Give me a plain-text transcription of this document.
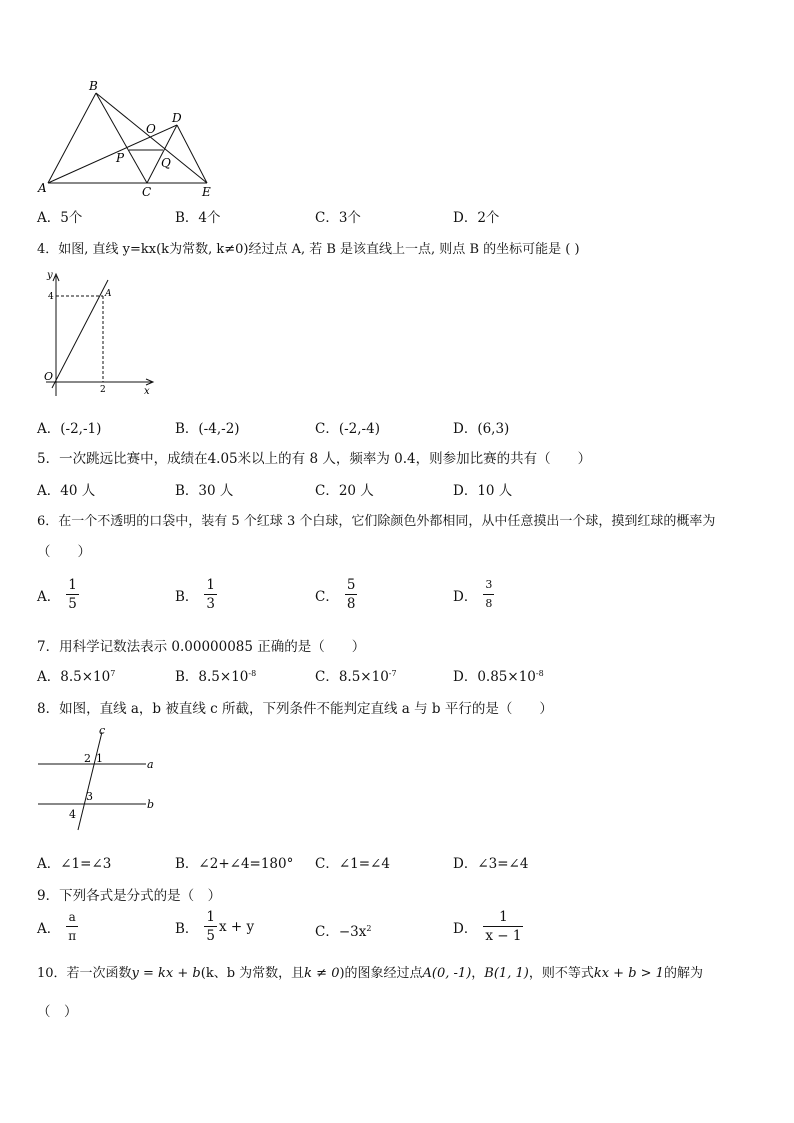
B
O
D
P	Q
A	C	E
A．5个	B．4个	C．3个	D．2个
4．如图, 直线 y=kx(k为常数, k≠0)经过点 A, 若 B 是该直线上一点, 则点 B 的坐标可能是 ( )
y
x
O
4
2
A
A．(-2,-1)	B．(-4,-2)	C．(-2,-4)	D．(6,3)
5．一次跳远比赛中，成绩在4.05米以上的有 8 人，频率为 0.4，则参加比赛的共有（　　）
A．40 人	B．30 人	C．20 人	D．10 人
6．在一个不透明的口袋中，装有 5 个红球 3 个白球，它们除颜色外都相同，从中任意摸出一个球，摸到红球的概率为
（　　）
A． $\frac{1}{5}$	B． $\frac{1}{3}$	C． $\frac{5}{8}$	D． $\frac{3}{8}$
7．用科学记数法表示 0.00000085 正确的是（　　）
A．$8.5\times 10^7$	B．$8.5\times 10^{-8}$	C．$8.5\times 10^{-7}$	D．$0.85\times 10^{-8}$
8．如图，直线 a，b 被直线 c 所截，下列条件不能判定直线 a 与 b 平行的是（　　）
c
a
b
1
2
3
4
A．∠1=∠3	B．∠2+∠4=180° C．∠1=∠4	D．∠3=∠4
9．下列各式是分式的是（　）
A． $\frac{a}{\pi}$	B． $\frac{1}{5}$ x + y	C．$-3x^2$	D． $\frac{1}{x - 1}$
10．若一次函数y = kx + b(k、b 为常数，且k ≠ 0)的图象经过点A(0, -1)，B(1, 1)，则不等式kx + b > 1的解为
（　）
